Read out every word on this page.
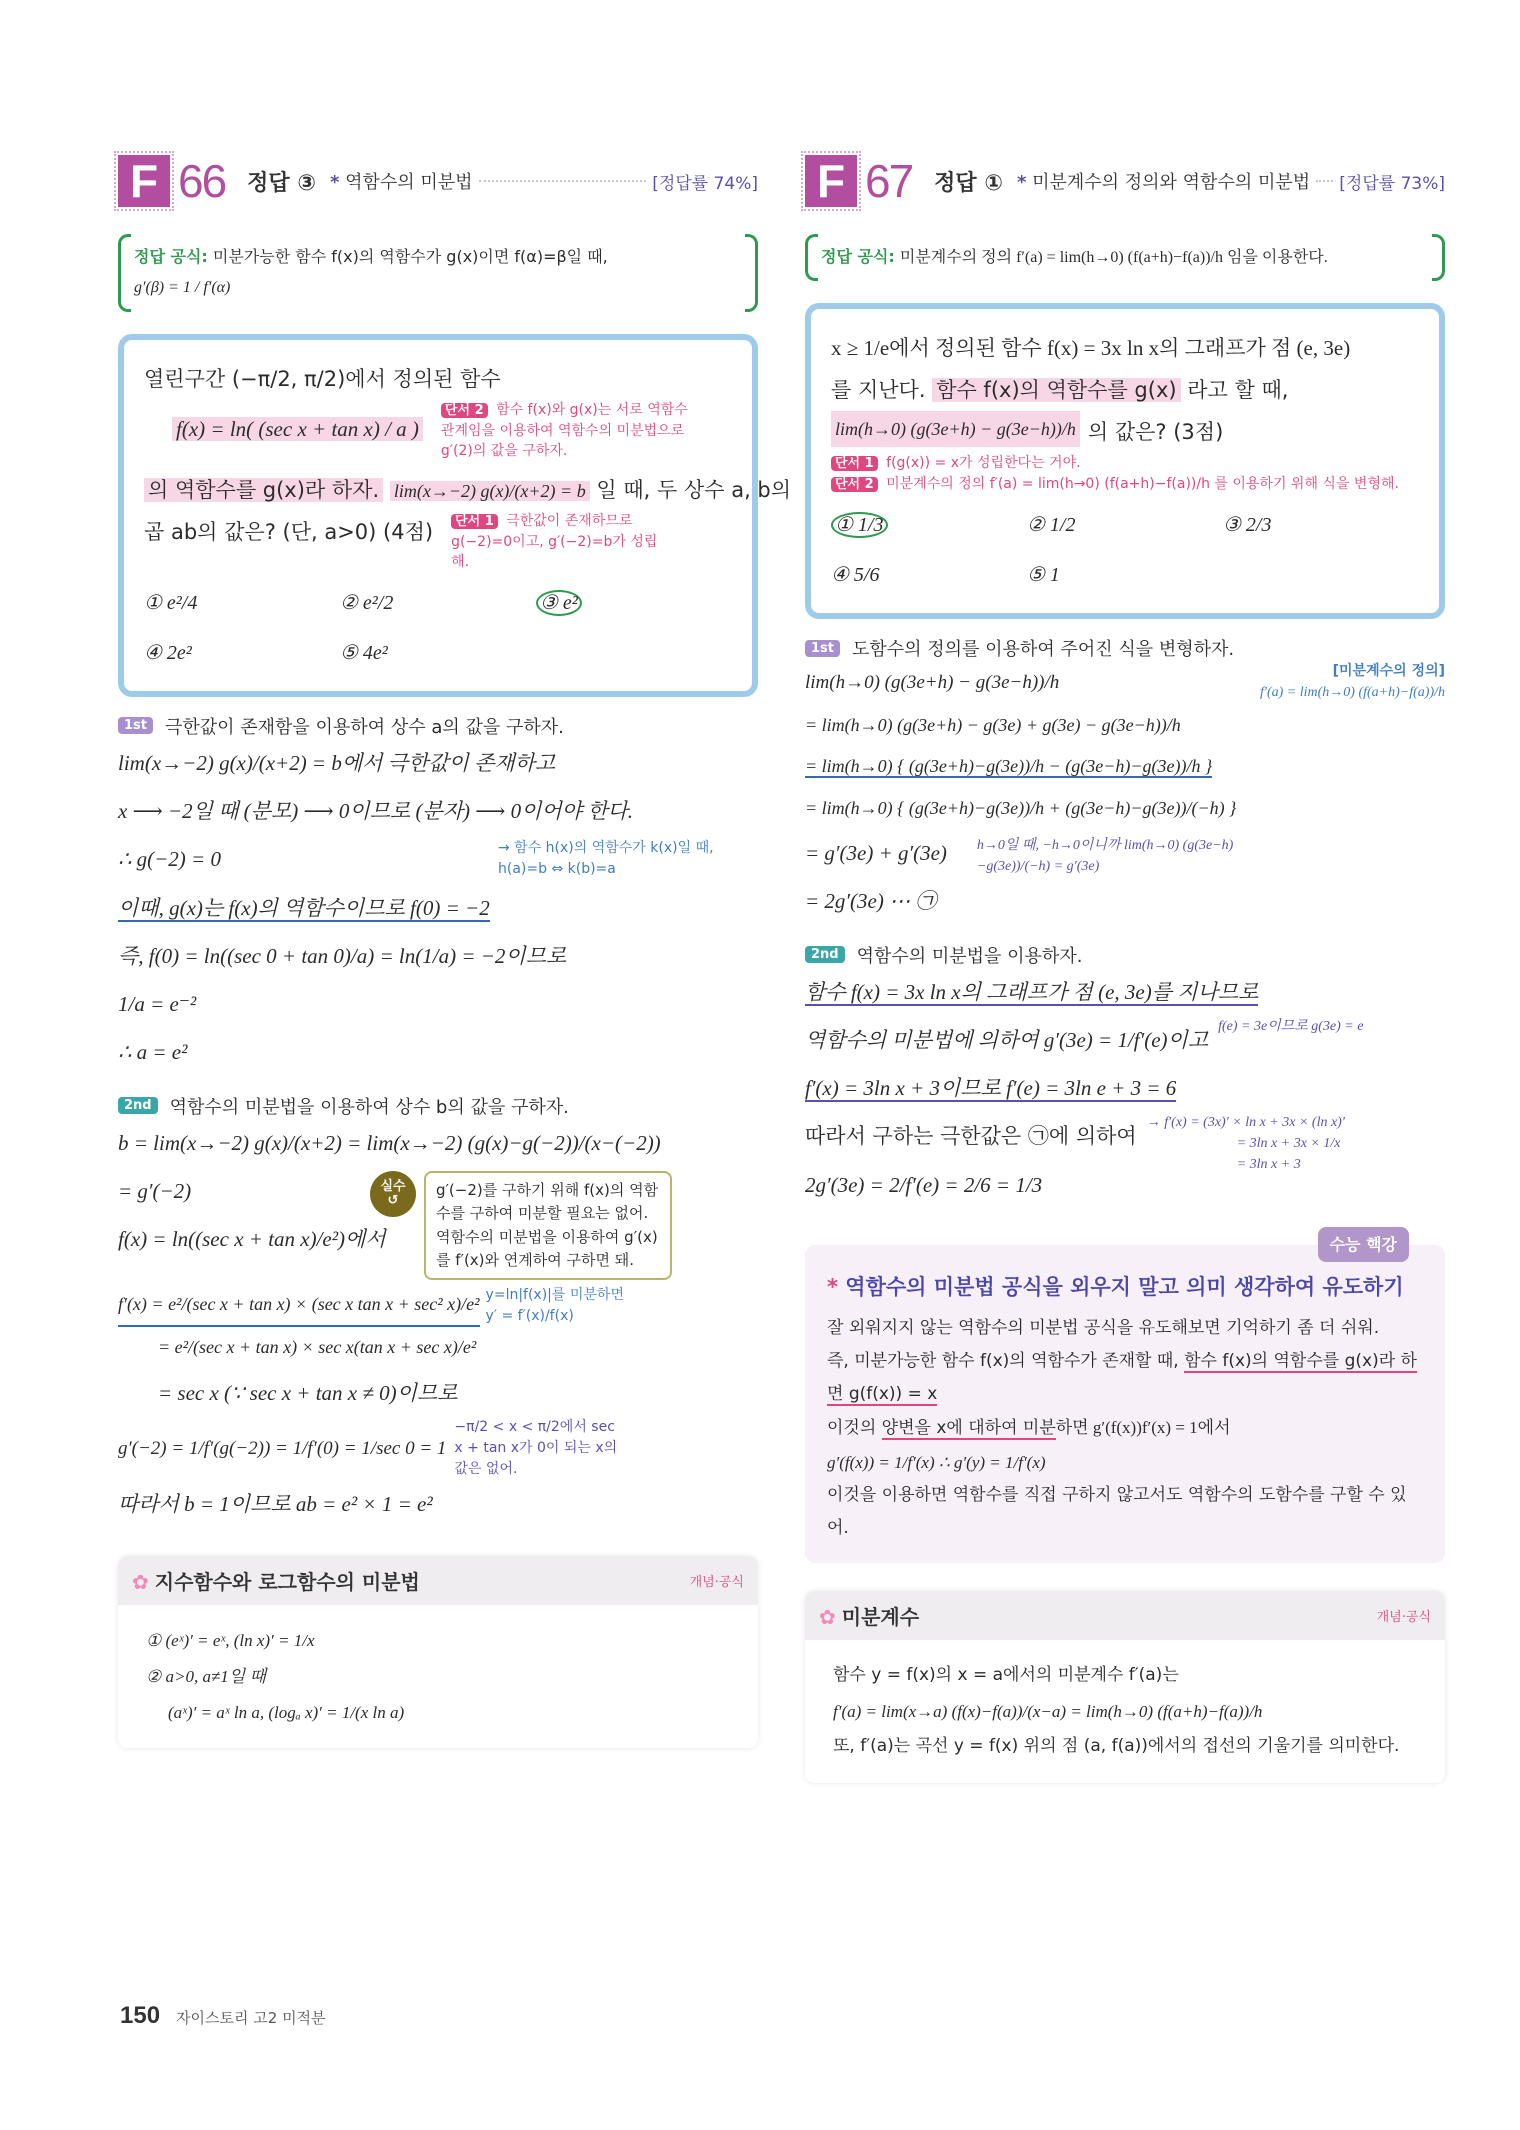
F 66 정답 ③ * 역함수의 미분법	[정답률 74%]
정답 공식: 미분가능한 함수 f(x)의 역함수가 g(x)이면 f(α)=β일 때,
g′(β) = 1 / f′(α)
열린구간 (−π/2, π/2)에서 정의된 함수
f(x) = ln( (sec x + tan x) / a )
단서 2 함수 f(x)와 g(x)는 서로 역함수 관계임을 이용하여 역함수의 미분법으로 g′(2)의 값을 구하자.
의 역함수를 g(x)라 하자. lim(x→−2) g(x)/(x+2) = b 일 때, 두 상수 a, b의
곱 ab의 값은? (단, a>0) (4점)	단서 1 극한값이 존재하므로 g(−2)=0이고, g′(−2)=b가 성립해.
① e²/4	② e²/2	③ e²
④ 2e²	⑤ 4e²
1st	극한값이 존재함을 이용하여 상수 a의 값을 구하자.
lim(x→−2) g(x)/(x+2) = b에서 극한값이 존재하고
x ⟶ −2일 때 (분모) ⟶ 0이므로 (분자) ⟶ 0이어야 한다.
∴ g(−2) = 0	→ 함수 h(x)의 역함수가 k(x)일 때, h(a)=b ⇔ k(b)=a
이때, g(x)는 f(x)의 역함수이므로 f(0) = −2
즉, f(0) = ln((sec 0 + tan 0)/a) = ln(1/a) = −2이므로
1/a = e⁻²
∴ a = e²
2nd	역함수의 미분법을 이용하여 상수 b의 값을 구하자.
b = lim(x→−2) g(x)/(x+2) = lim(x→−2) (g(x)−g(−2))/(x−(−2))
= g′(−2)
f(x) = ln((sec x + tan x)/e²)에서
실수
↺
g′(−2)를 구하기 위해 f(x)의 역함수를 구하여 미분할 필요는 없어. 역함수의 미분법을 이용하여 g′(x)를 f′(x)와 연계하여 구하면 돼.
f′(x) = e²/(sec x + tan x) × (sec x tan x + sec² x)/e² y=ln|f(x)|를 미분하면 y′ = f′(x)/f(x)
= e²/(sec x + tan x) × sec x(tan x + sec x)/e²
= sec x (∵ sec x + tan x ≠ 0)이므로
g′(−2) = 1/f′(g(−2)) = 1/f′(0) = 1/sec 0 = 1
−π/2 < x < π/2에서 sec x + tan x가 0이 되는 x의 값은 없어.
따라서 b = 1이므로 ab = e² × 1 = e²
✿ 지수함수와 로그함수의 미분법	개념·공식
① (eˣ)′ = eˣ, (ln x)′ = 1/x
② a>0, a≠1일 때
(aˣ)′ = aˣ ln a, (logₐ x)′ = 1/(x ln a)
F 67 정답 ① * 미분계수의 정의와 역함수의 미분법 [정답률 73%]
정답 공식: 미분계수의 정의 f′(a) = lim(h→0) (f(a+h)−f(a))/h 임을 이용한다.
x ≥ 1/e에서 정의된 함수 f(x) = 3x ln x의 그래프가 점 (e, 3e)
를 지난다. 함수 f(x)의 역함수를 g(x) 라고 할 때,
lim(h→0) (g(3e+h) − g(3e−h))/h 의 값은? (3점)
단서 1 f(g(x)) = x가 성립한다는 거야.
단서 2 미분계수의 정의 f′(a) = lim(h→0) (f(a+h)−f(a))/h 를 이용하기 위해 식을 변형해.
① 1/3	② 1/2	③ 2/3
④ 5/6	⑤ 1
1st	도함수의 정의를 이용하여 주어진 식을 변형하자.
lim(h→0) (g(3e+h) − g(3e−h))/h
[미분계수의 정의]
f′(a) = lim(h→0) (f(a+h)−f(a))/h
= lim(h→0) (g(3e+h) − g(3e) + g(3e) − g(3e−h))/h
= lim(h→0) { (g(3e+h)−g(3e))/h − (g(3e−h)−g(3e))/h }
= lim(h→0) { (g(3e+h)−g(3e))/h + (g(3e−h)−g(3e))/(−h) }
= g′(3e) + g′(3e)
= 2g′(3e) ⋯ ㉠
h→0일 때, −h→0이니까 lim(h→0) (g(3e−h)−g(3e))/(−h) = g′(3e)
2nd	역함수의 미분법을 이용하자.
함수 f(x) = 3x ln x의 그래프가 점 (e, 3e)를 지나므로
역함수의 미분법에 의하여 g′(3e) = 1/f′(e)이고
f(e) = 3e이므로 g(3e) = e
f′(x) = 3ln x + 3이므로 f′(e) = 3ln e + 3 = 6
따라서 구하는 극한값은 ㉠에 의하여
2g′(3e) = 2/f′(e) = 2/6 = 1/3
→ f′(x) = (3x)′ × ln x + 3x × (ln x)′
= 3ln x + 3x × 1/x
= 3ln x + 3
수능 핵강
* 역함수의 미분법 공식을 외우지 말고 의미 생각하여 유도하기
잘 외워지지 않는 역함수의 미분법 공식을 유도해보면 기억하기 좀 더 쉬워.
즉, 미분가능한 함수 f(x)의 역함수가 존재할 때, 함수 f(x)의 역함수를 g(x)라 하면 g(f(x)) = x
이것의 양변을 x에 대하여 미분하면 g′(f(x))f′(x) = 1에서
g′(f(x)) = 1/f′(x) ∴ g′(y) = 1/f′(x)
이것을 이용하면 역함수를 직접 구하지 않고서도 역함수의 도함수를 구할 수 있어.
✿ 미분계수	개념·공식
함수 y = f(x)의 x = a에서의 미분계수 f′(a)는
f′(a) = lim(x→a) (f(x)−f(a))/(x−a) = lim(h→0) (f(a+h)−f(a))/h
또, f′(a)는 곡선 y = f(x) 위의 점 (a, f(a))에서의 접선의 기울기를 의미한다.
150 자이스토리 고2 미적분
